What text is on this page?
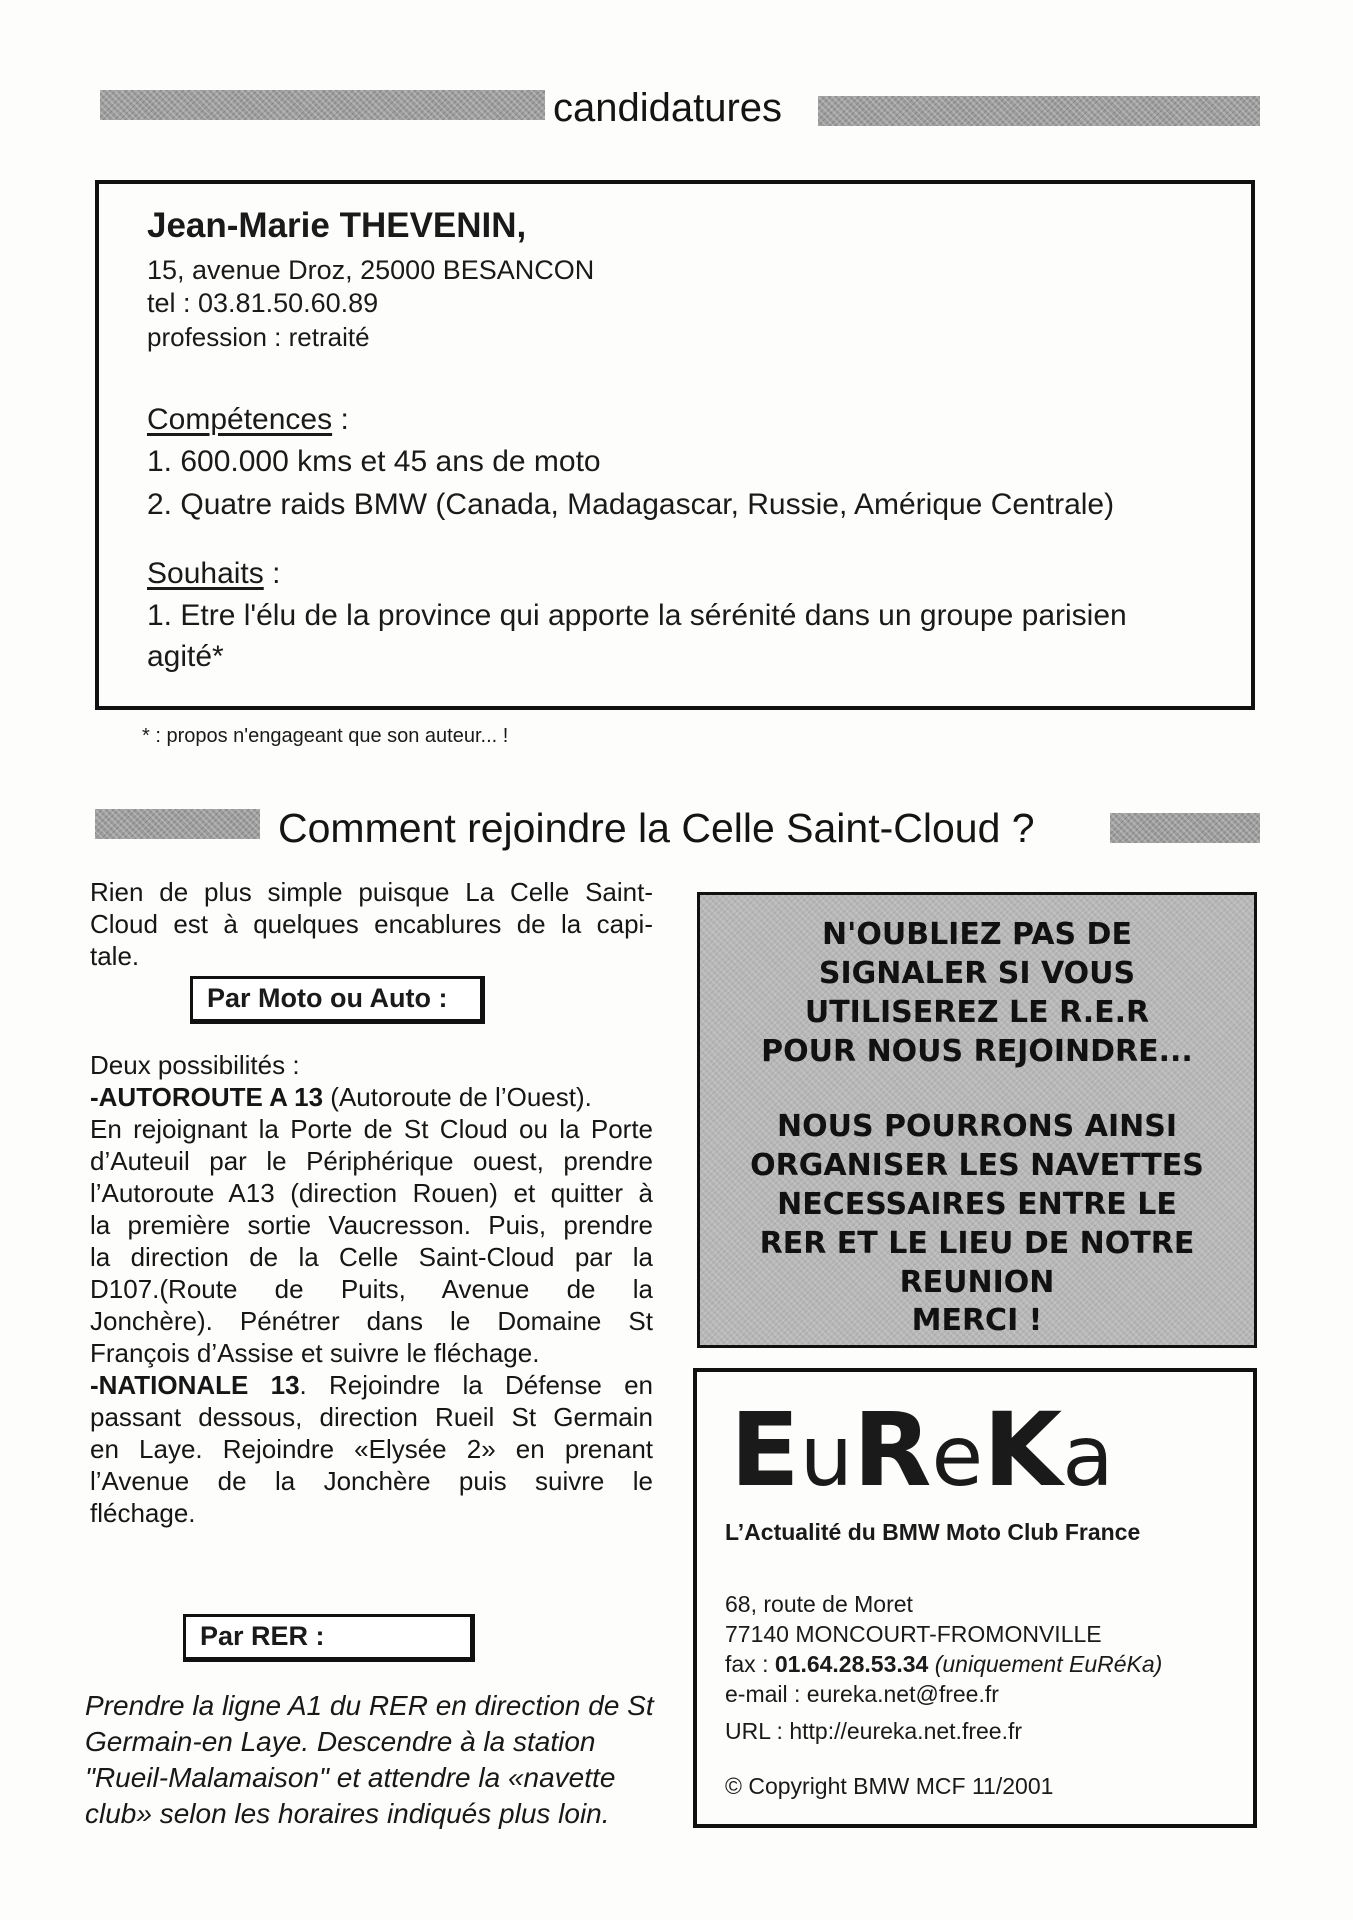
candidatures
Jean-Marie THEVENIN,
15, avenue Droz, 25000 BESANCON
tel : 03.81.50.60.89
profession : retraité
Compétences :
1. 600.000 kms et 45 ans de moto
2. Quatre raids BMW (Canada, Madagascar, Russie, Amérique Centrale)
Souhaits :
1. Etre l'élu de la province qui apporte la sérénité dans un groupe parisien
agité*
* : propos n'engageant que son auteur... !
Comment rejoindre la Celle Saint-Cloud ?
Rien de plus simple puisque La Celle Saint-
Cloud est à quelques encablures de la capi-
tale.
Par Moto ou Auto :
Deux possibilités :
-AUTOROUTE A 13 (Autoroute de l’Ouest).
En rejoignant la Porte de St Cloud ou la Porte
d’Auteuil par le Périphérique ouest, prendre
l’Autoroute A13 (direction Rouen) et quitter à
la première sortie Vaucresson. Puis, prendre
la direction de la Celle Saint-Cloud par la
D107.(Route de Puits, Avenue de la
Jonchère). Pénétrer dans le Domaine St
François d’Assise et suivre le fléchage.
-NATIONALE 13. Rejoindre la Défense en
passant dessous, direction Rueil St Germain
en Laye. Rejoindre «Elysée 2» en prenant
l’Avenue de la Jonchère puis suivre le
fléchage.
Par RER :
Prendre la ligne A1 du RER en direction de St
Germain-en Laye. Descendre à la station
"Rueil-Malamaison" et attendre la «navette
club» selon les horaires indiqués plus loin.
N'OUBLIEZ PAS DE
SIGNALER SI VOUS
UTILISEREZ LE R.E.R
POUR NOUS REJOINDRE...
NOUS POURRONS AINSI
ORGANISER LES NAVETTES
NECESSAIRES ENTRE LE
RER ET LE LIEU DE NOTRE
REUNION
MERCI !
EuReKa
L’Actualité du BMW Moto Club France
68, route de Moret
77140 MONCOURT-FROMONVILLE
fax : 01.64.28.53.34 (uniquement EuRéKa)
e-mail : eureka.net@free.fr
URL : http://eureka.net.free.fr
© Copyright BMW MCF 11/2001
